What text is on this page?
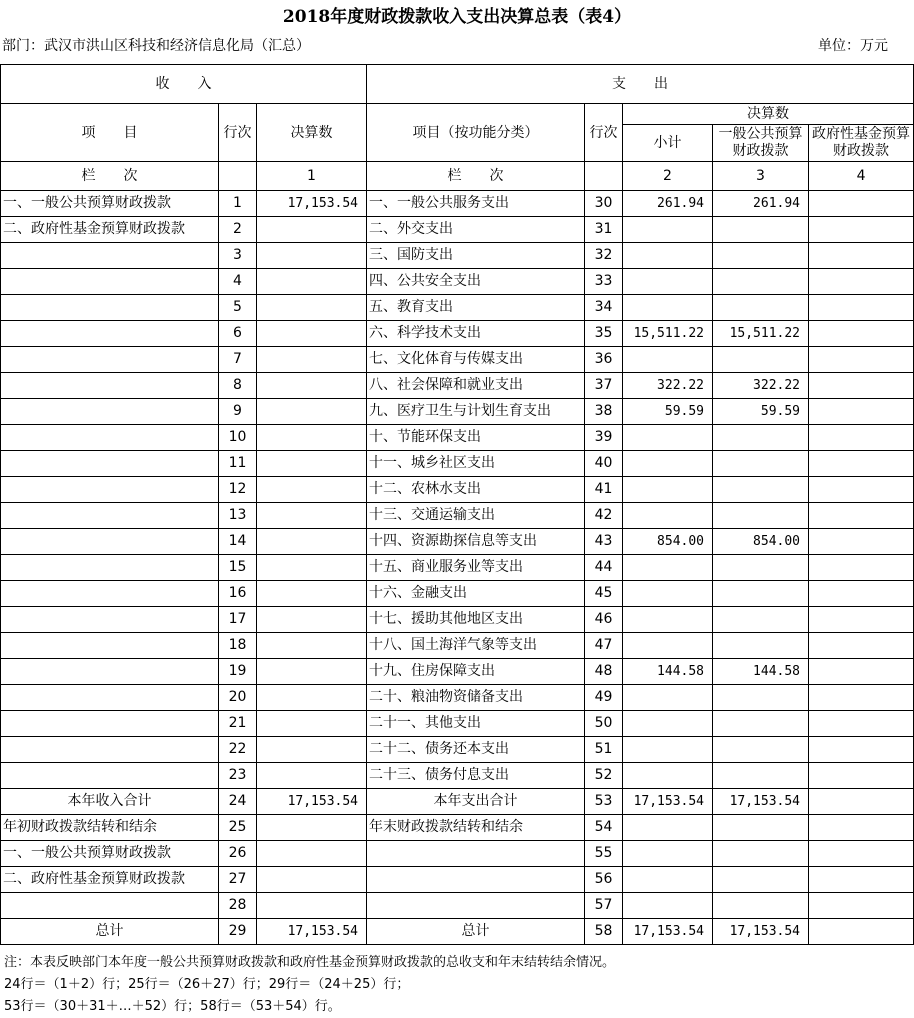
2018年度财政拨款收入支出决算总表（表4）
部门：武汉市洪山区科技和经济信息化局（汇总）	单位：万元
收　　入			支　　出				
项　　目	行次	决算数	项目（按功能分类）	行次	决算数		
					小计	一般公共预算财政拨款	政府性基金预算财政拨款
栏　　次		1	栏　　次		2	3	4
一、一般公共预算财政拨款	1	17,153.54	一、一般公共服务支出	30	261.94	261.94	
二、政府性基金预算财政拨款	2		二、外交支出	31			
	3		三、国防支出	32			
	4		四、公共安全支出	33			
	5		五、教育支出	34			
	6		六、科学技术支出	35	15,511.22	15,511.22	
	7		七、文化体育与传媒支出	36			
	8		八、社会保障和就业支出	37	322.22	322.22	
	9		九、医疗卫生与计划生育支出	38	59.59	59.59	
	10		十、节能环保支出	39			
	11		十一、城乡社区支出	40			
	12		十二、农林水支出	41			
	13		十三、交通运输支出	42			
	14		十四、资源勘探信息等支出	43	854.00	854.00	
	15		十五、商业服务业等支出	44			
	16		十六、金融支出	45			
	17		十七、援助其他地区支出	46			
	18		十八、国土海洋气象等支出	47			
	19		十九、住房保障支出	48	144.58	144.58	
	20		二十、粮油物资储备支出	49			
	21		二十一、其他支出	50			
	22		二十二、债务还本支出	51			
	23		二十三、债务付息支出	52			
本年收入合计	24	17,153.54	本年支出合计	53	17,153.54	17,153.54	
年初财政拨款结转和结余	25		年末财政拨款结转和结余	54			
一、一般公共预算财政拨款	26			55			
二、政府性基金预算财政拨款	27			56			
	28			57			
总计	29	17,153.54	总计	58	17,153.54	17,153.54	
注：本表反映部门本年度一般公共预算财政拨款和政府性基金预算财政拨款的总收支和年末结转结余情况。
24行＝（1＋2）行；25行＝（26＋27）行；29行＝（24＋25）行；
53行＝（30＋31＋…＋52）行；58行＝（53＋54）行。
